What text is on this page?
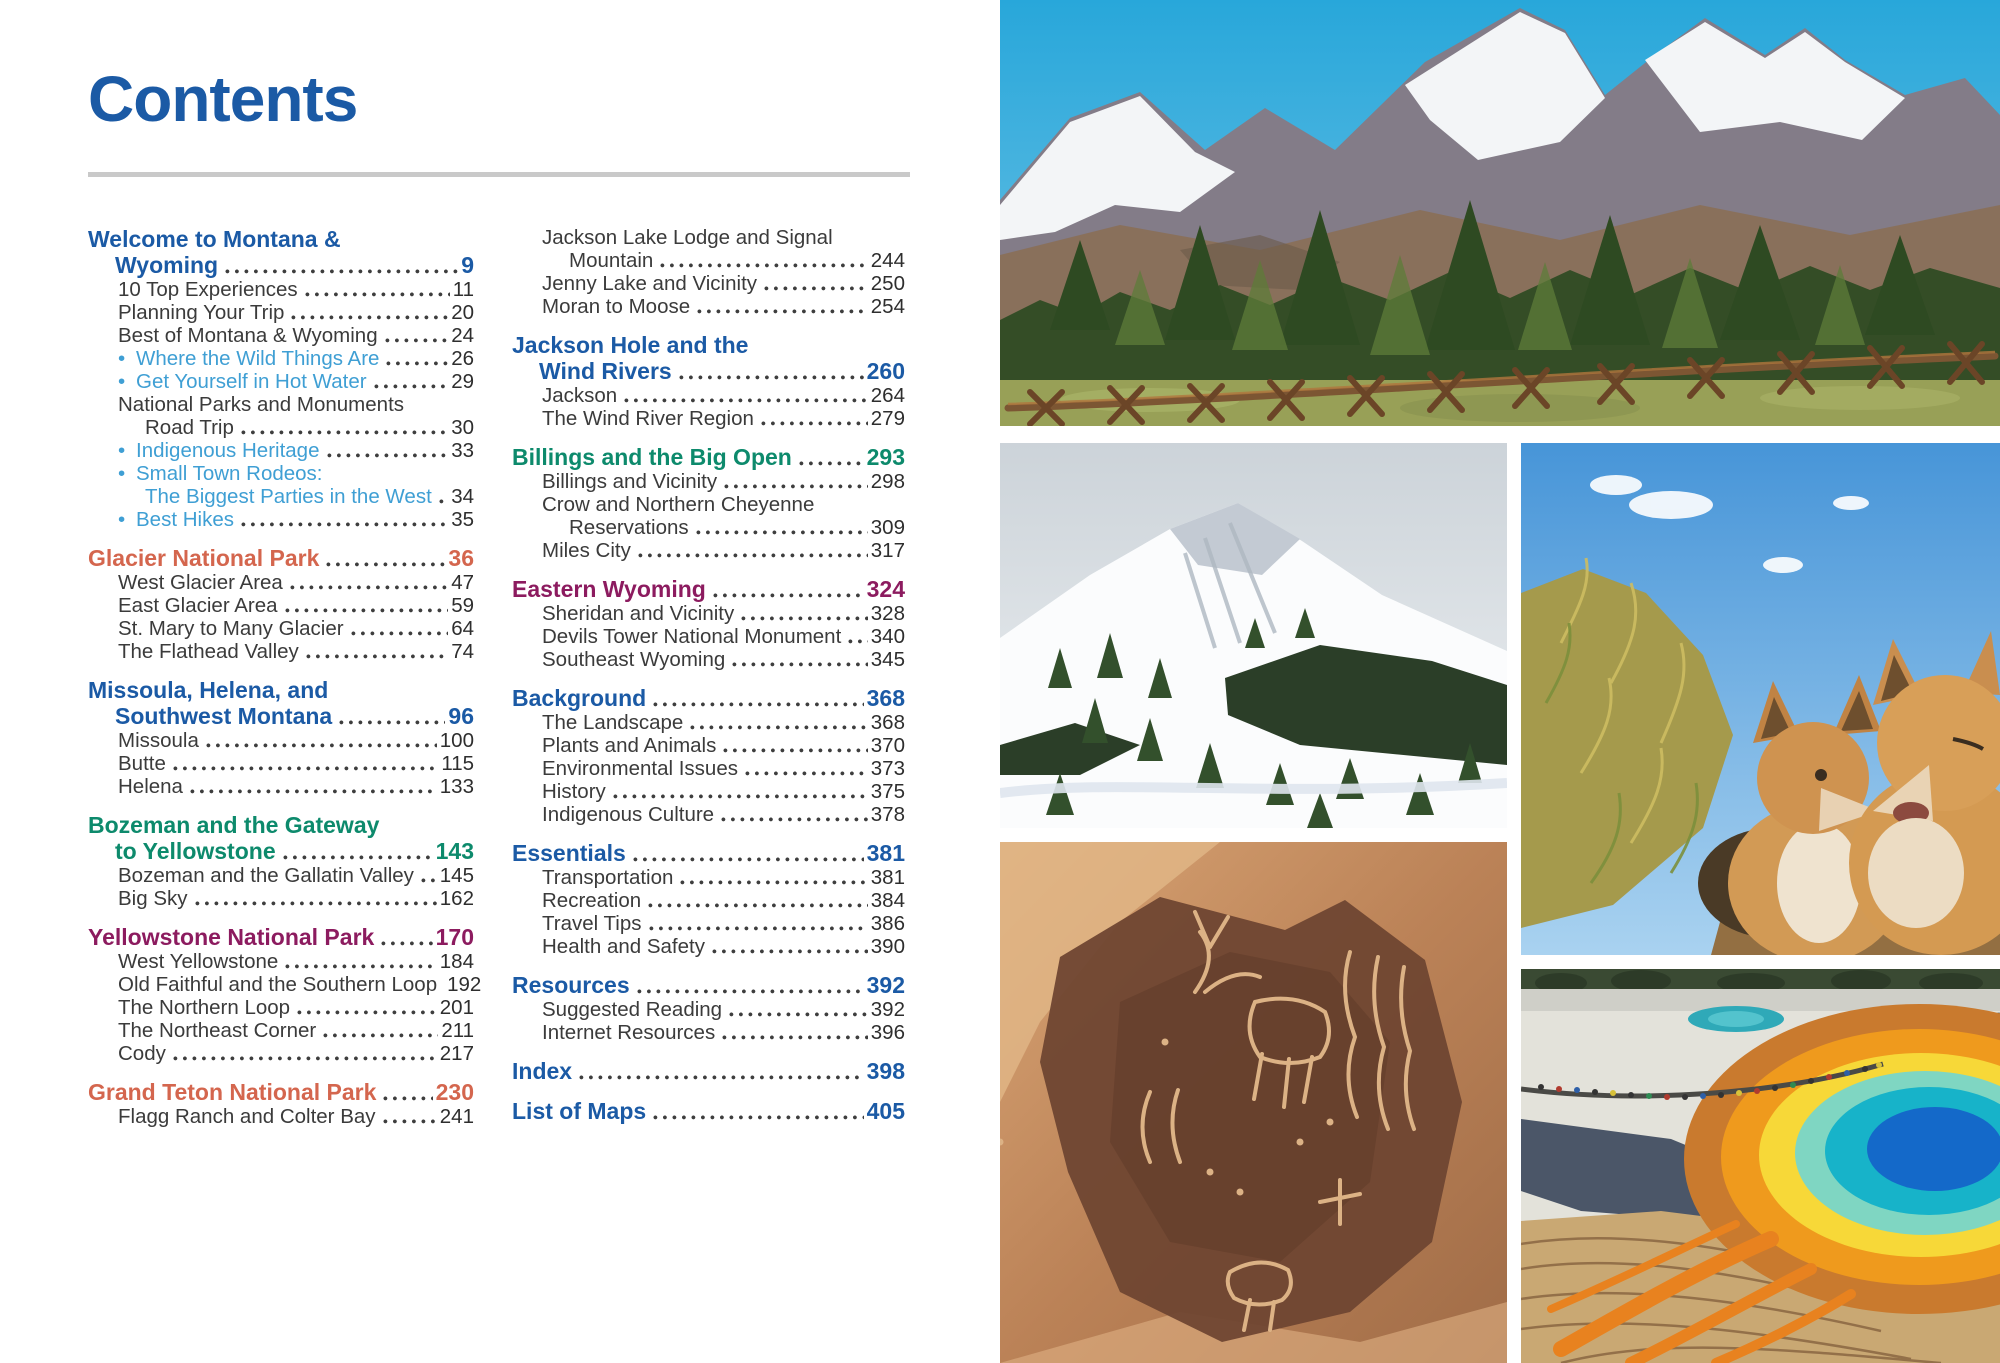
Contents
Welcome to Montana &
Wyoming	9
10 Top Experiences	11
Planning Your Trip	20
Best of Montana & Wyoming	24
• Where the Wild Things Are	26
• Get Yourself in Hot Water	29
National Parks and Monuments
Road Trip	30
• Indigenous Heritage	33
• Small Town Rodeos:
The Biggest Parties in the West 34
• Best Hikes	35
Glacier National Park	36
West Glacier Area	47
East Glacier Area	59
St. Mary to Many Glacier	64
The Flathead Valley	74
Missoula, Helena, and
Southwest Montana	96
Missoula	100
Butte	115
Helena	133
Bozeman and the Gateway
to Yellowstone	143
Bozeman and the Gallatin Valley 145
Big Sky	162
Yellowstone National Park	170
West Yellowstone	184
Old Faithful and the Southern Loop 192
The Northern Loop	201
The Northeast Corner	211
Cody	217
Grand Teton National Park	230
Flagg Ranch and Colter Bay	241
Jackson Lake Lodge and Signal
Mountain	244
Jenny Lake and Vicinity	250
Moran to Moose	254
Jackson Hole and the
Wind Rivers	260
Jackson	264
The Wind River Region	279
Billings and the Big Open	293
Billings and Vicinity	298
Crow and Northern Cheyenne
Reservations	309
Miles City	317
Eastern Wyoming	324
Sheridan and Vicinity	328
Devils Tower National Monument 340
Southeast Wyoming	345
Background	368
The Landscape	368
Plants and Animals	370
Environmental Issues	373
History	375
Indigenous Culture	378
Essentials	381
Transportation	381
Recreation	384
Travel Tips	386
Health and Safety	390
Resources	392
Suggested Reading	392
Internet Resources	396
Index	398
List of Maps	405
